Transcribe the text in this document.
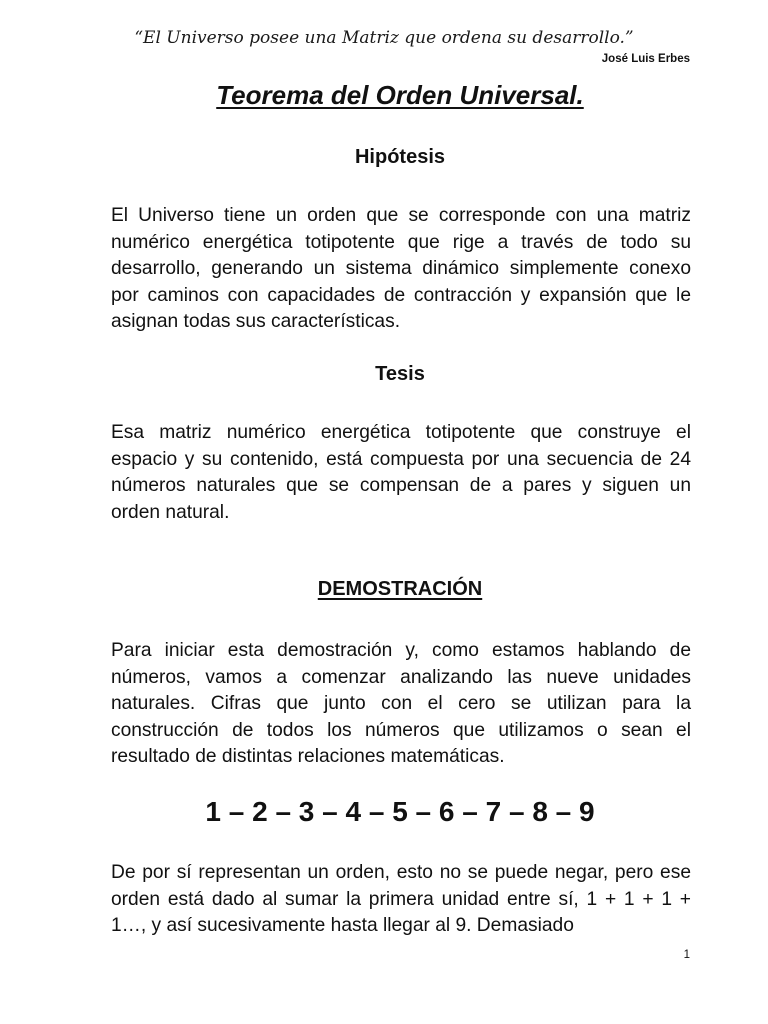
“El Universo posee una Matriz que ordena su desarrollo.”
José Luis Erbes
Teorema del Orden Universal.
Hipótesis
El Universo tiene un orden que se corresponde con una matriz numérico energética totipotente que rige a través de todo su desarrollo, generando un sistema dinámico simplemente conexo por caminos con capacidades de contracción y expansión que le asignan todas sus características.
Tesis
Esa matriz numérico energética totipotente que construye el espacio y su contenido, está compuesta por una secuencia de 24 números naturales que se compensan de a pares y siguen un orden natural.
DEMOSTRACIÓN
Para iniciar esta demostración y, como estamos hablando de números, vamos a comenzar analizando las nueve unidades naturales. Cifras que junto con el cero se utilizan para la construcción de todos los números que utilizamos o sean el resultado de distintas relaciones matemáticas.
1 – 2 – 3 – 4 – 5 – 6 – 7 – 8 – 9
De por sí representan un orden, esto no se puede negar, pero ese orden está dado al sumar la primera unidad entre sí, 1 + 1 + 1 + 1…, y así sucesivamente hasta llegar al 9. Demasiado
1
